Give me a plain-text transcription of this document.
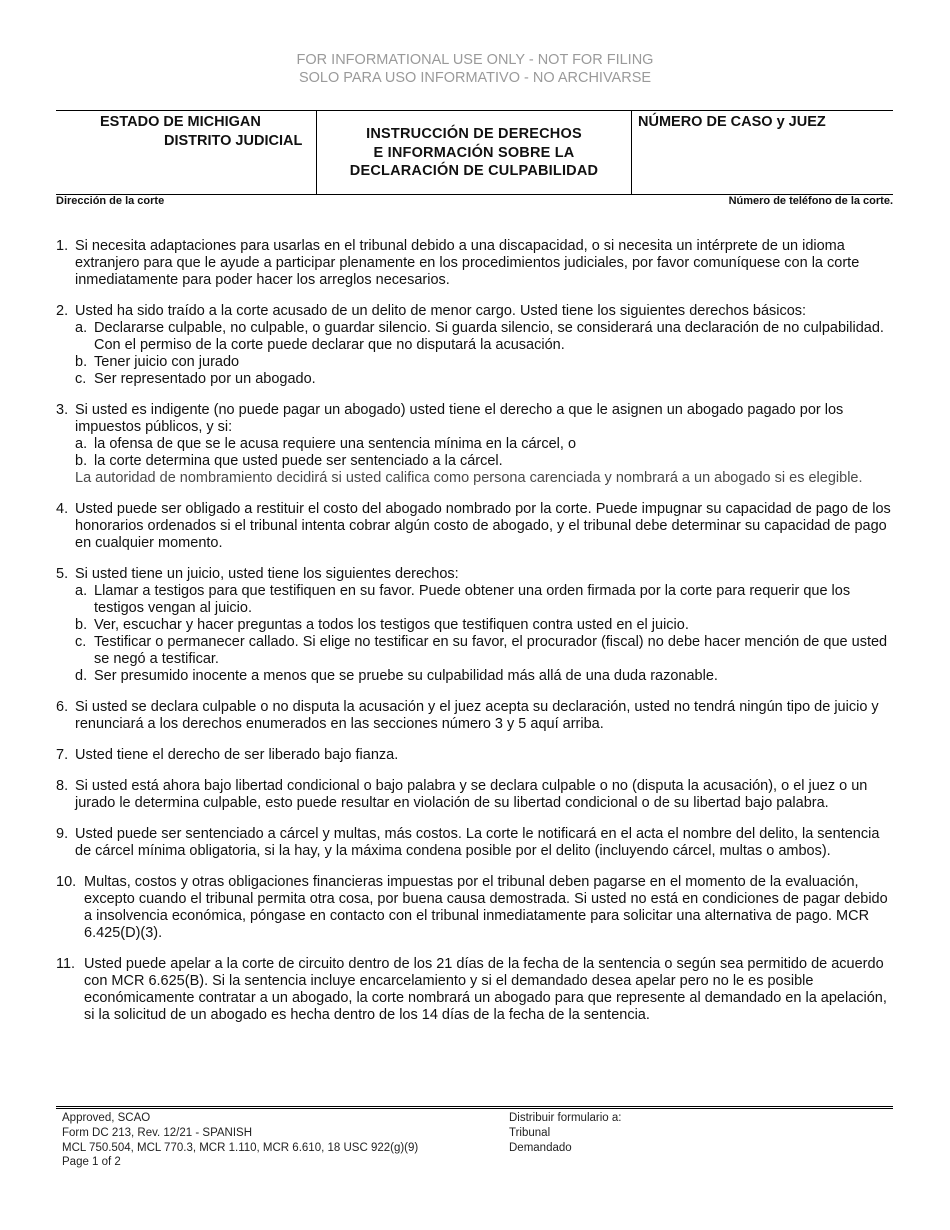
FOR INFORMATIONAL USE ONLY - NOT FOR FILING
SOLO PARA USO INFORMATIVO - NO ARCHIVARSE
ESTADO DE MICHIGAN
DISTRITO JUDICIAL	INSTRUCCIÓN DE DERECHOS
E INFORMACIÓN SOBRE LA
DECLARACIÓN DE CULPABILIDAD
NÚMERO DE CASO y JUEZ
Dirección de la corte	Número de teléfono de la corte.
1. Si necesita adaptaciones para usarlas en el tribunal debido a una discapacidad, o si necesita un intérprete de un idioma extranjero para que le ayude a participar plenamente en los procedimientos judiciales, por favor comuníquese con la corte inmediatamente para poder hacer los arreglos necesarios.
2. Usted ha sido traído a la corte acusado de un delito de menor cargo. Usted tiene los siguientes derechos básicos:
a. Declararse culpable, no culpable, o guardar silencio. Si guarda silencio, se considerará una declaración de no culpabilidad. Con el permiso de la corte puede declarar que no disputará la acusación.
b. Tener juicio con jurado
c. Ser representado por un abogado.
3. Si usted es indigente (no puede pagar un abogado) usted tiene el derecho a que le asignen un abogado pagado por los impuestos públicos, y si:
a. la ofensa de que se le acusa requiere una sentencia mínima en la cárcel, o
b. la corte determina que usted puede ser sentenciado a la cárcel.
La autoridad de nombramiento decidirá si usted califica como persona carenciada y nombrará a un abogado si es elegible.
4. Usted puede ser obligado a restituir el costo del abogado nombrado por la corte. Puede impugnar su capacidad de pago de los honorarios ordenados si el tribunal intenta cobrar algún costo de abogado, y el tribunal debe determinar su capacidad de pago en cualquier momento.
5. Si usted tiene un juicio, usted tiene los siguientes derechos:
a. Llamar a testigos para que testifiquen en su favor. Puede obtener una orden firmada por la corte para requerir que los testigos vengan al juicio.
b. Ver, escuchar y hacer preguntas a todos los testigos que testifiquen contra usted en el juicio.
c. Testificar o permanecer callado. Si elige no testificar en su favor, el procurador (fiscal) no debe hacer mención de que usted se negó a testificar.
d. Ser presumido inocente a menos que se pruebe su culpabilidad más allá de una duda razonable.
6. Si usted se declara culpable o no disputa la acusación y el juez acepta su declaración, usted no tendrá ningún tipo de juicio y renunciará a los derechos enumerados en las secciones número 3 y 5 aquí arriba.
7. Usted tiene el derecho de ser liberado bajo fianza.
8. Si usted está ahora bajo libertad condicional o bajo palabra y se declara culpable o no (disputa la acusación), o el juez o un jurado le determina culpable, esto puede resultar en violación de su libertad condicional o de su libertad bajo palabra.
9. Usted puede ser sentenciado a cárcel y multas, más costos. La corte le notificará en el acta el nombre del delito, la sentencia de cárcel mínima obligatoria, si la hay, y la máxima condena posible por el delito (incluyendo cárcel, multas o ambos).
10. Multas, costos y otras obligaciones financieras impuestas por el tribunal deben pagarse en el momento de la evaluación, excepto cuando el tribunal permita otra cosa, por buena causa demostrada. Si usted no está en condiciones de pagar debido a insolvencia económica, póngase en contacto con el tribunal inmediatamente para solicitar una alternativa de pago. MCR 6.425(D)(3).
11. Usted puede apelar a la corte de circuito dentro de los 21 días de la fecha de la sentencia o según sea permitido de acuerdo con MCR 6.625(B). Si la sentencia incluye encarcelamiento y si el demandado desea apelar pero no le es posible económicamente contratar a un abogado, la corte nombrará un abogado para que represente al demandado en la apelación, si la solicitud de un abogado es hecha dentro de los 14 días de la fecha de la sentencia.
Approved, SCAO
Form DC 213, Rev. 12/21 - SPANISH
MCL 750.504, MCL 770.3, MCR 1.110, MCR 6.610, 18 USC 922(g)(9)
Page 1 of 2
Distribuir formulario a:
Tribunal
Demandado
